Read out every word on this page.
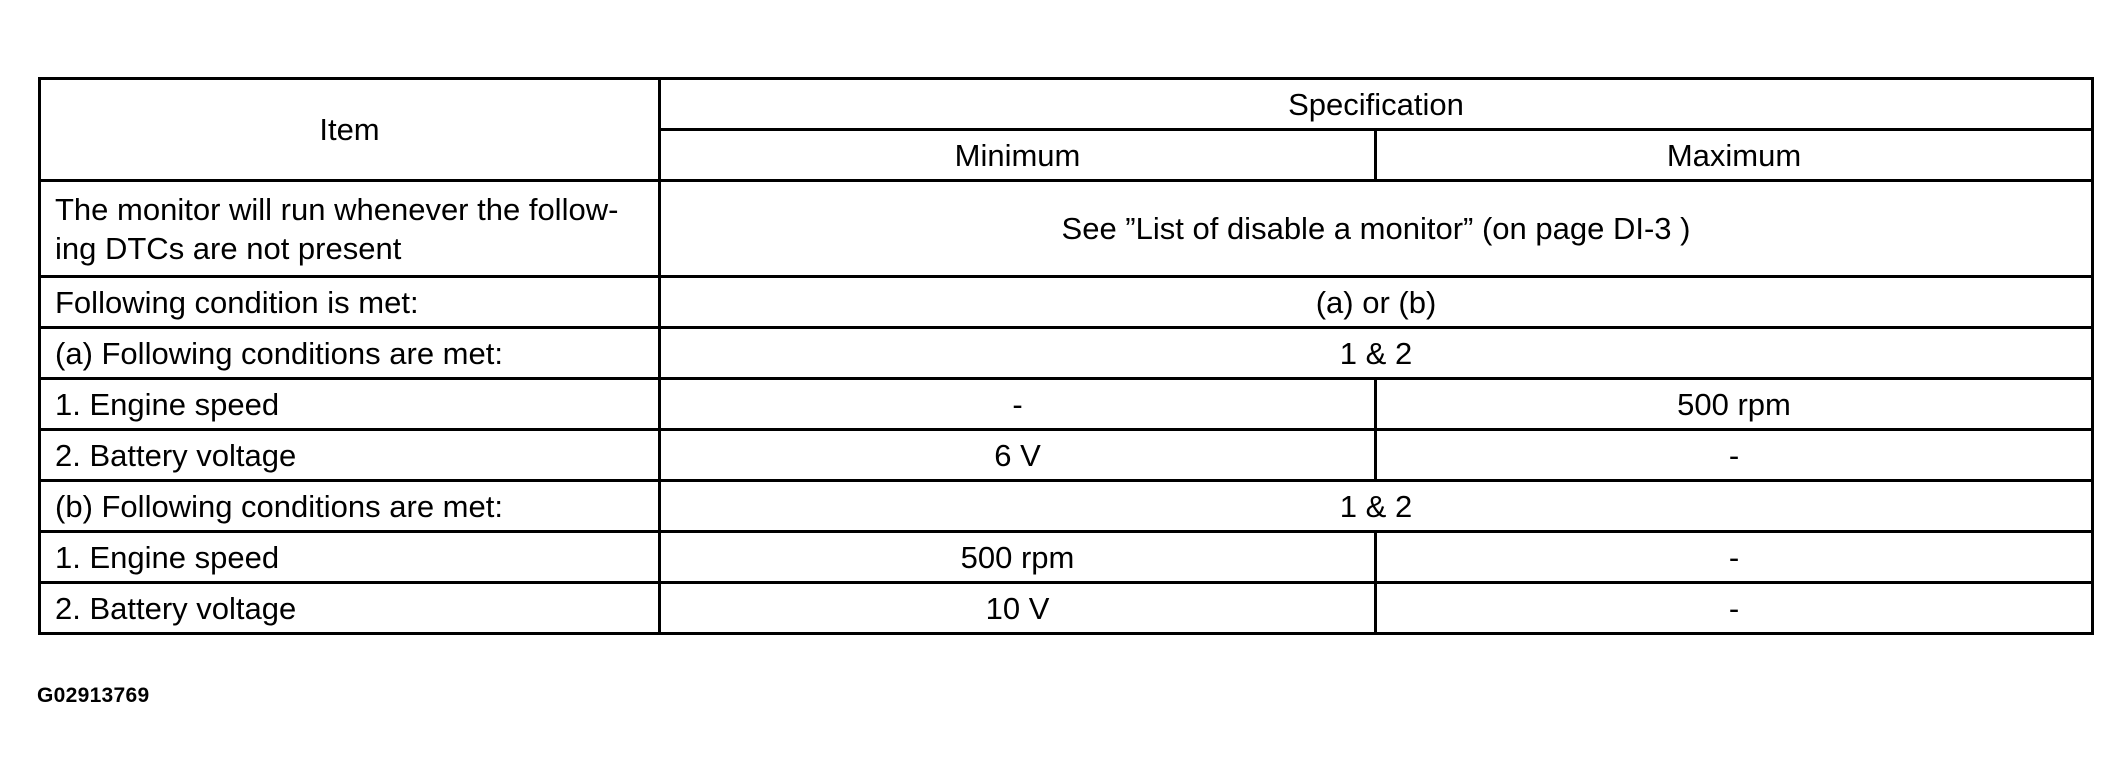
Item	Specification	
	Minimum	Maximum
The monitor will run whenever the follow-
ing DTCs are not present	See ”List of disable a monitor” (on page DI-3 )	
Following condition is met:	(a) or (b)	
(a) Following conditions are met:	1 & 2	
1. Engine speed	-	500 rpm
2. Battery voltage	6 V	-
(b) Following conditions are met:	1 & 2	
1. Engine speed	500 rpm	-
2. Battery voltage	10 V	-
G02913769
